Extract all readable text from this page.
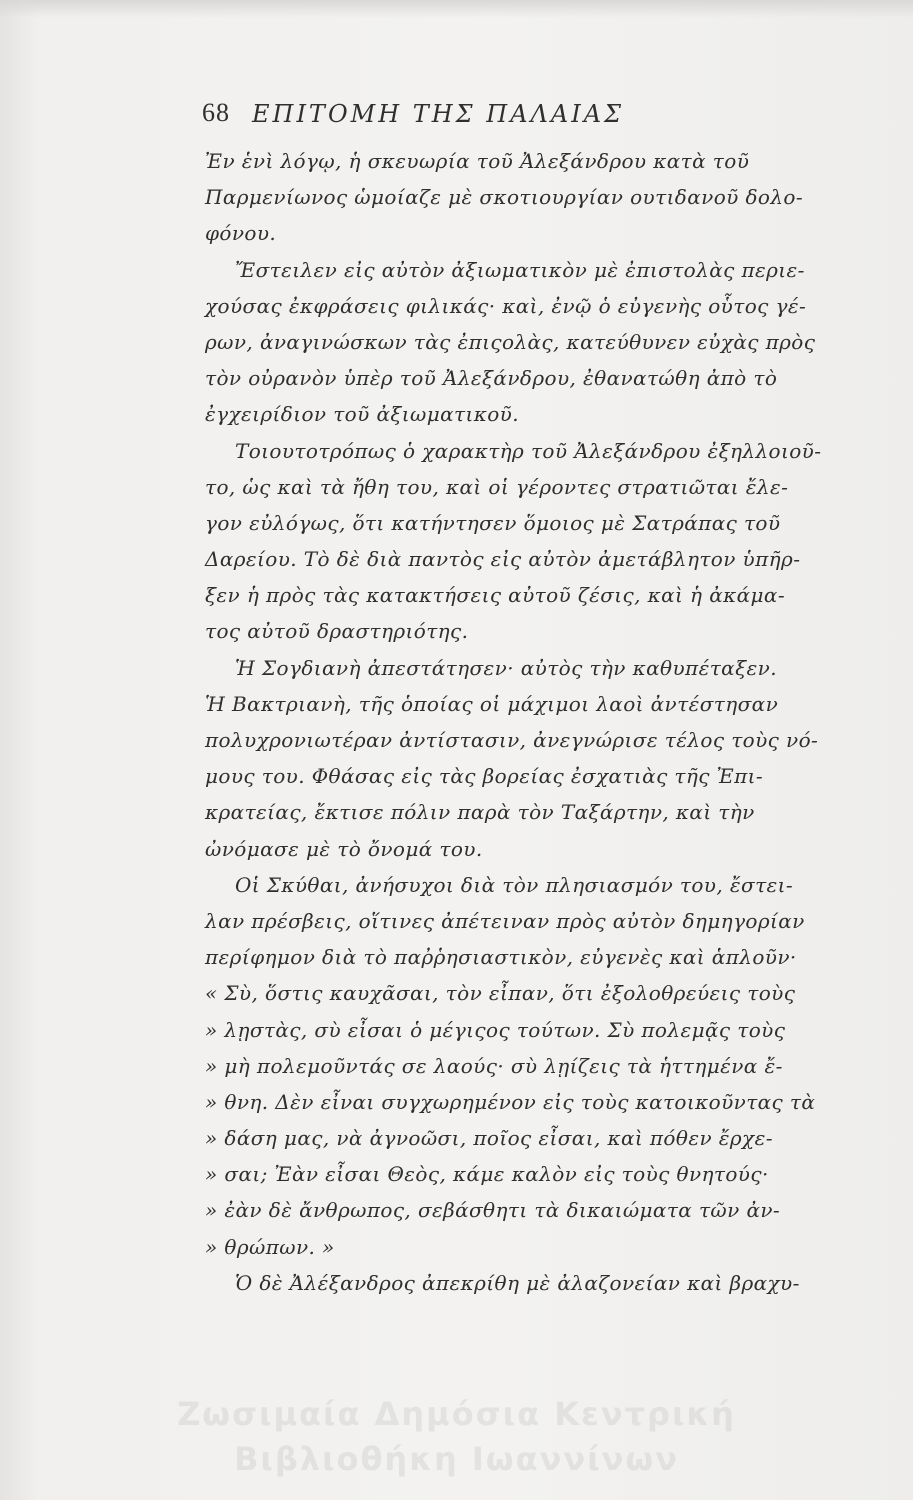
68 ΕΠΙΤΟΜΗ ΤΗΣ ΠΑΛΑΙΑΣ
Ἐν ἑνὶ λόγῳ, ἡ σκευωρία τοῦ Ἀλεξάνδρου κατὰ τοῦ
Παρμενίωνος ὡμοίαζε μὲ σκοτιουργίαν ουτιδανοῦ δολο-
φόνου.
Ἔστειλεν εἰς αὐτὸν ἀξιωματικὸν μὲ ἐπιστολὰς περιε-
χούσας ἐκφράσεις φιλικάς· καὶ, ἐνῷ ὁ εὐγενὴς οὗτος γέ-
ρων, ἀναγινώσκων τὰς ἐπιςολὰς, κατεύθυνεν εὐχὰς πρὸς
τὸν οὐρανὸν ὑπὲρ τοῦ Ἀλεξάνδρου, ἐθανατώθη ἀπὸ τὸ
ἐγχειρίδιον τοῦ ἀξιωματικοῦ.
Τοιουτοτρόπως ὁ χαρακτὴρ τοῦ Ἀλεξάνδρου ἐξηλλοιοῦ-
το, ὡς καὶ τὰ ἤθη του, καὶ οἱ γέροντες στρατιῶται ἔλε-
γον εὐλόγως, ὅτι κατήντησεν ὅμοιος μὲ Σατράπας τοῦ
Δαρείου. Τὸ δὲ διὰ παντὸς εἰς αὐτὸν ἀμετάβλητον ὑπῆρ-
ξεν ἡ πρὸς τὰς κατακτήσεις αὐτοῦ ζέσις, καὶ ἡ ἀκάμα-
τος αὐτοῦ δραστηριότης.
Ἡ Σογδιανὴ ἀπεστάτησεν· αὐτὸς τὴν καθυπέταξεν.
Ἡ Βακτριανὴ, τῆς ὁποίας οἱ μάχιμοι λαοὶ ἀντέστησαν
πολυχρονιωτέραν ἀντίστασιν, ἀνεγνώρισε τέλος τοὺς νό-
μους του. Φθάσας εἰς τὰς βορείας ἐσχατιὰς τῆς Ἐπι-
κρατείας, ἔκτισε πόλιν παρὰ τὸν Ταξάρτην, καὶ τὴν
ὠνόμασε μὲ τὸ ὄνομά του.
Οἱ Σκύθαι, ἀνήσυχοι διὰ τὸν πλησιασμόν του, ἔστει-
λαν πρέσβεις, οἵτινες ἀπέτειναν πρὸς αὐτὸν δημηγορίαν
περίφημον διὰ τὸ παῤῥησιαστικὸν, εὐγενὲς καὶ ἁπλοῦν·
« Σὺ, ὅστις καυχᾶσαι, τὸν εἶπαν, ὅτι ἐξολοθρεύεις τοὺς
» λῃστὰς, σὺ εἶσαι ὁ μέγιςος τούτων. Σὺ πολεμᾷς τοὺς
» μὴ πολεμοῦντάς σε λαούς· σὺ λῃίζεις τὰ ἡττημένα ἔ-
» θνη. Δὲν εἶναι συγχωρημένον εἰς τοὺς κατοικοῦντας τὰ
» δάση μας, νὰ ἀγνοῶσι, ποῖος εἶσαι, καὶ πόθεν ἔρχε-
» σαι; Ἐὰν εἶσαι Θεὸς, κάμε καλὸν εἰς τοὺς θνητούς·
» ἐὰν δὲ ἄνθρωπος, σεβάσθητι τὰ δικαιώματα τῶν ἀν-
» θρώπων. »
Ὁ δὲ Ἀλέξανδρος ἀπεκρίθη μὲ ἀλαζονείαν καὶ βραχυ-
Ζωσιμαία Δημόσια Κεντρική
Βιβλιοθήκη Ιωαννίνων
